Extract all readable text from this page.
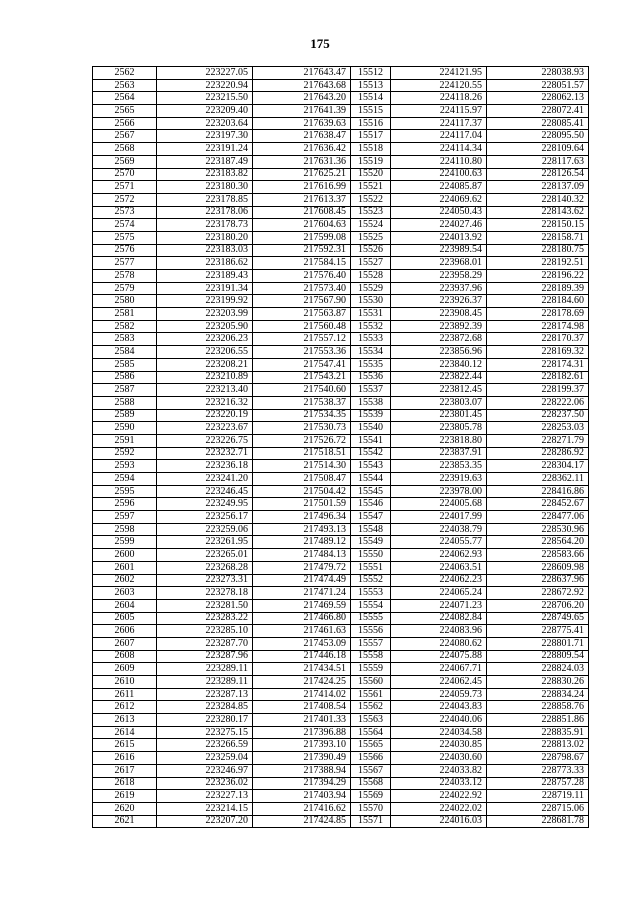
175
2562	223227.05	217643.47	15512	224121.95	228038.93
2563	223220.94	217643.68	15513	224120.55	228051.57
2564	223215.50	217643.20	15514	224118.26	228062.13
2565	223209.40	217641.39	15515	224115.97	228072.41
2566	223203.64	217639.63	15516	224117.37	228085.41
2567	223197.30	217638.47	15517	224117.04	228095.50
2568	223191.24	217636.42	15518	224114.34	228109.64
2569	223187.49	217631.36	15519	224110.80	228117.63
2570	223183.82	217625.21	15520	224100.63	228126.54
2571	223180.30	217616.99	15521	224085.87	228137.09
2572	223178.85	217613.37	15522	224069.62	228140.32
2573	223178.06	217608.45	15523	224050.43	228143.62
2574	223178.73	217604.63	15524	224027.46	228150.15
2575	223180.20	217599.08	15525	224013.92	228158.71
2576	223183.03	217592.31	15526	223989.54	228180.75
2577	223186.62	217584.15	15527	223968.01	228192.51
2578	223189.43	217576.40	15528	223958.29	228196.22
2579	223191.34	217573.40	15529	223937.96	228189.39
2580	223199.92	217567.90	15530	223926.37	228184.60
2581	223203.99	217563.87	15531	223908.45	228178.69
2582	223205.90	217560.48	15532	223892.39	228174.98
2583	223206.23	217557.12	15533	223872.68	228170.37
2584	223206.55	217553.36	15534	223856.96	228169.32
2585	223208.21	217547.41	15535	223840.12	228174.31
2586	223210.89	217543.21	15536	223822.44	228182.61
2587	223213.40	217540.60	15537	223812.45	228199.37
2588	223216.32	217538.37	15538	223803.07	228222.06
2589	223220.19	217534.35	15539	223801.45	228237.50
2590	223223.67	217530.73	15540	223805.78	228253.03
2591	223226.75	217526.72	15541	223818.80	228271.79
2592	223232.71	217518.51	15542	223837.91	228286.92
2593	223236.18	217514.30	15543	223853.35	228304.17
2594	223241.20	217508.47	15544	223919.63	228362.11
2595	223246.45	217504.42	15545	223978.00	228416.86
2596	223249.95	217501.59	15546	224005.68	228452.67
2597	223256.17	217496.34	15547	224017.99	228477.06
2598	223259.06	217493.13	15548	224038.79	228530.96
2599	223261.95	217489.12	15549	224055.77	228564.20
2600	223265.01	217484.13	15550	224062.93	228583.66
2601	223268.28	217479.72	15551	224063.51	228609.98
2602	223273.31	217474.49	15552	224062.23	228637.96
2603	223278.18	217471.24	15553	224065.24	228672.92
2604	223281.50	217469.59	15554	224071.23	228706.20
2605	223283.22	217466.80	15555	224082.84	228749.65
2606	223285.10	217461.63	15556	224083.96	228775.41
2607	223287.70	217453.09	15557	224080.62	228801.71
2608	223287.96	217446.18	15558	224075.88	228809.54
2609	223289.11	217434.51	15559	224067.71	228824.03
2610	223289.11	217424.25	15560	224062.45	228830.26
2611	223287.13	217414.02	15561	224059.73	228834.24
2612	223284.85	217408.54	15562	224043.83	228858.76
2613	223280.17	217401.33	15563	224040.06	228851.86
2614	223275.15	217396.88	15564	224034.58	228835.91
2615	223266.59	217393.10	15565	224030.85	228813.02
2616	223259.04	217390.49	15566	224030.60	228798.67
2617	223246.97	217388.94	15567	224033.82	228773.33
2618	223236.02	217394.29	15568	224033.12	228757.28
2619	223227.13	217403.94	15569	224022.92	228719.11
2620	223214.15	217416.62	15570	224022.02	228715.06
2621	223207.20	217424.85	15571	224016.03	228681.78
